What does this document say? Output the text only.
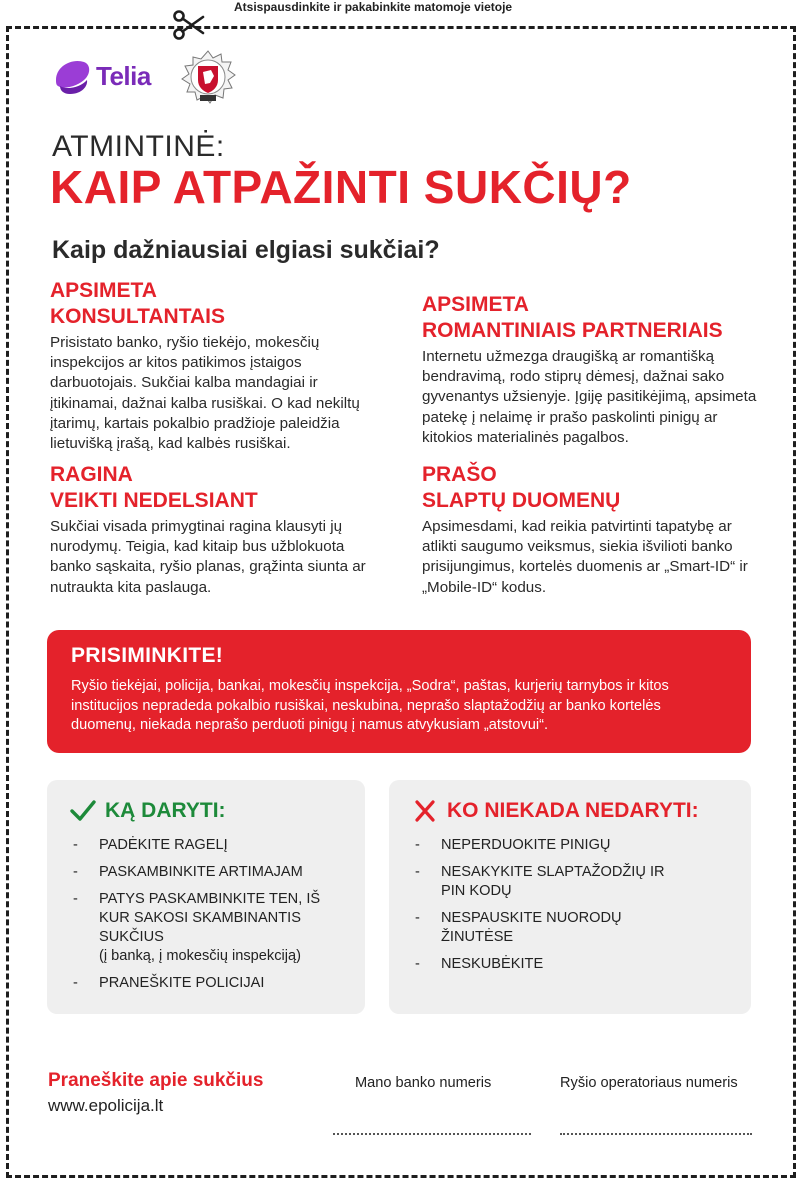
Atsispausdinkite ir pakabinkite matomoje vietoje
Telia
ATMINTINĖ:
KAIP ATPAŽINTI SUKČIŲ?
Kaip dažniausiai elgiasi sukčiai?
APSIMETA
KONSULTANTAIS

Prisistato banko, ryšio tiekėjo, mokesčių inspekcijos ar kitos patikimos įstaigos darbuotojais. Sukčiai kalba mandagiai ir įtikinamai, dažnai kalba rusiškai. O kad nekiltų įtarimų, kartais pokalbio pradžioje paleidžia lietuvišką įrašą, kad kalbės rusiškai.

APSIMETA
ROMANTINIAIS PARTNERIAIS

Internetu užmezga draugišką ar romantišką bendravimą, rodo stiprų dėmesį, dažnai sako gyvenantys užsienyje. Įgiję pasitikėjimą, apsimeta patekę į nelaimę ir prašo paskolinti pinigų ar kitokios materialinės pagalbos.

RAGINA
VEIKTI NEDELSIANT

Sukčiai visada primygtinai ragina klausyti jų nurodymų. Teigia, kad kitaip bus užblokuota banko sąskaita, ryšio planas, grąžinta siunta ar nutraukta kita paslauga.

PRAŠO
SLAPTŲ DUOMENŲ

Apsimesdami, kad reikia patvirtinti tapatybę ar atlikti saugumo veiksmus, siekia išvilioti banko prisijungimus, kortelės duomenis ar „Smart-ID“ ir „Mobile-ID“ kodus.

PRISIMINKITE!

Ryšio tiekėjai, policija, bankai, mokesčių inspekcija, „Sodra“, paštas, kurjerių tarnybos ir kitos institucijos nepradeda pokalbio rusiškai, neskubina, neprašo slaptažodžių ar banko kortelės duomenų, niekada neprašo perduoti pinigų į namus atvykusiam „atstovui“.

KĄ DARYTI:
- PADĖKITE RAGELĮ
- PASKAMBINKITE ARTIMAJAM
- PATYS PASKAMBINKITE TEN, IŠ KUR SAKOSI SKAMBINANTIS SUKČIUS
(į banką, į mokesčių inspekciją)
- PRANEŠKITE POLICIJAI
KO NIEKADA NEDARYTI:
- NEPERDUOKITE PINIGŲ
- NESAKYKITE SLAPTAŽODŽIŲ IR PIN KODŲ
- NESPAUSKITE NUORODŲ ŽINUTĖSE
- NESKUBĖKITE
Praneškite apie sukčius
www.epolicija.lt
Mano banko numeris	Ryšio operatoriaus numeris
